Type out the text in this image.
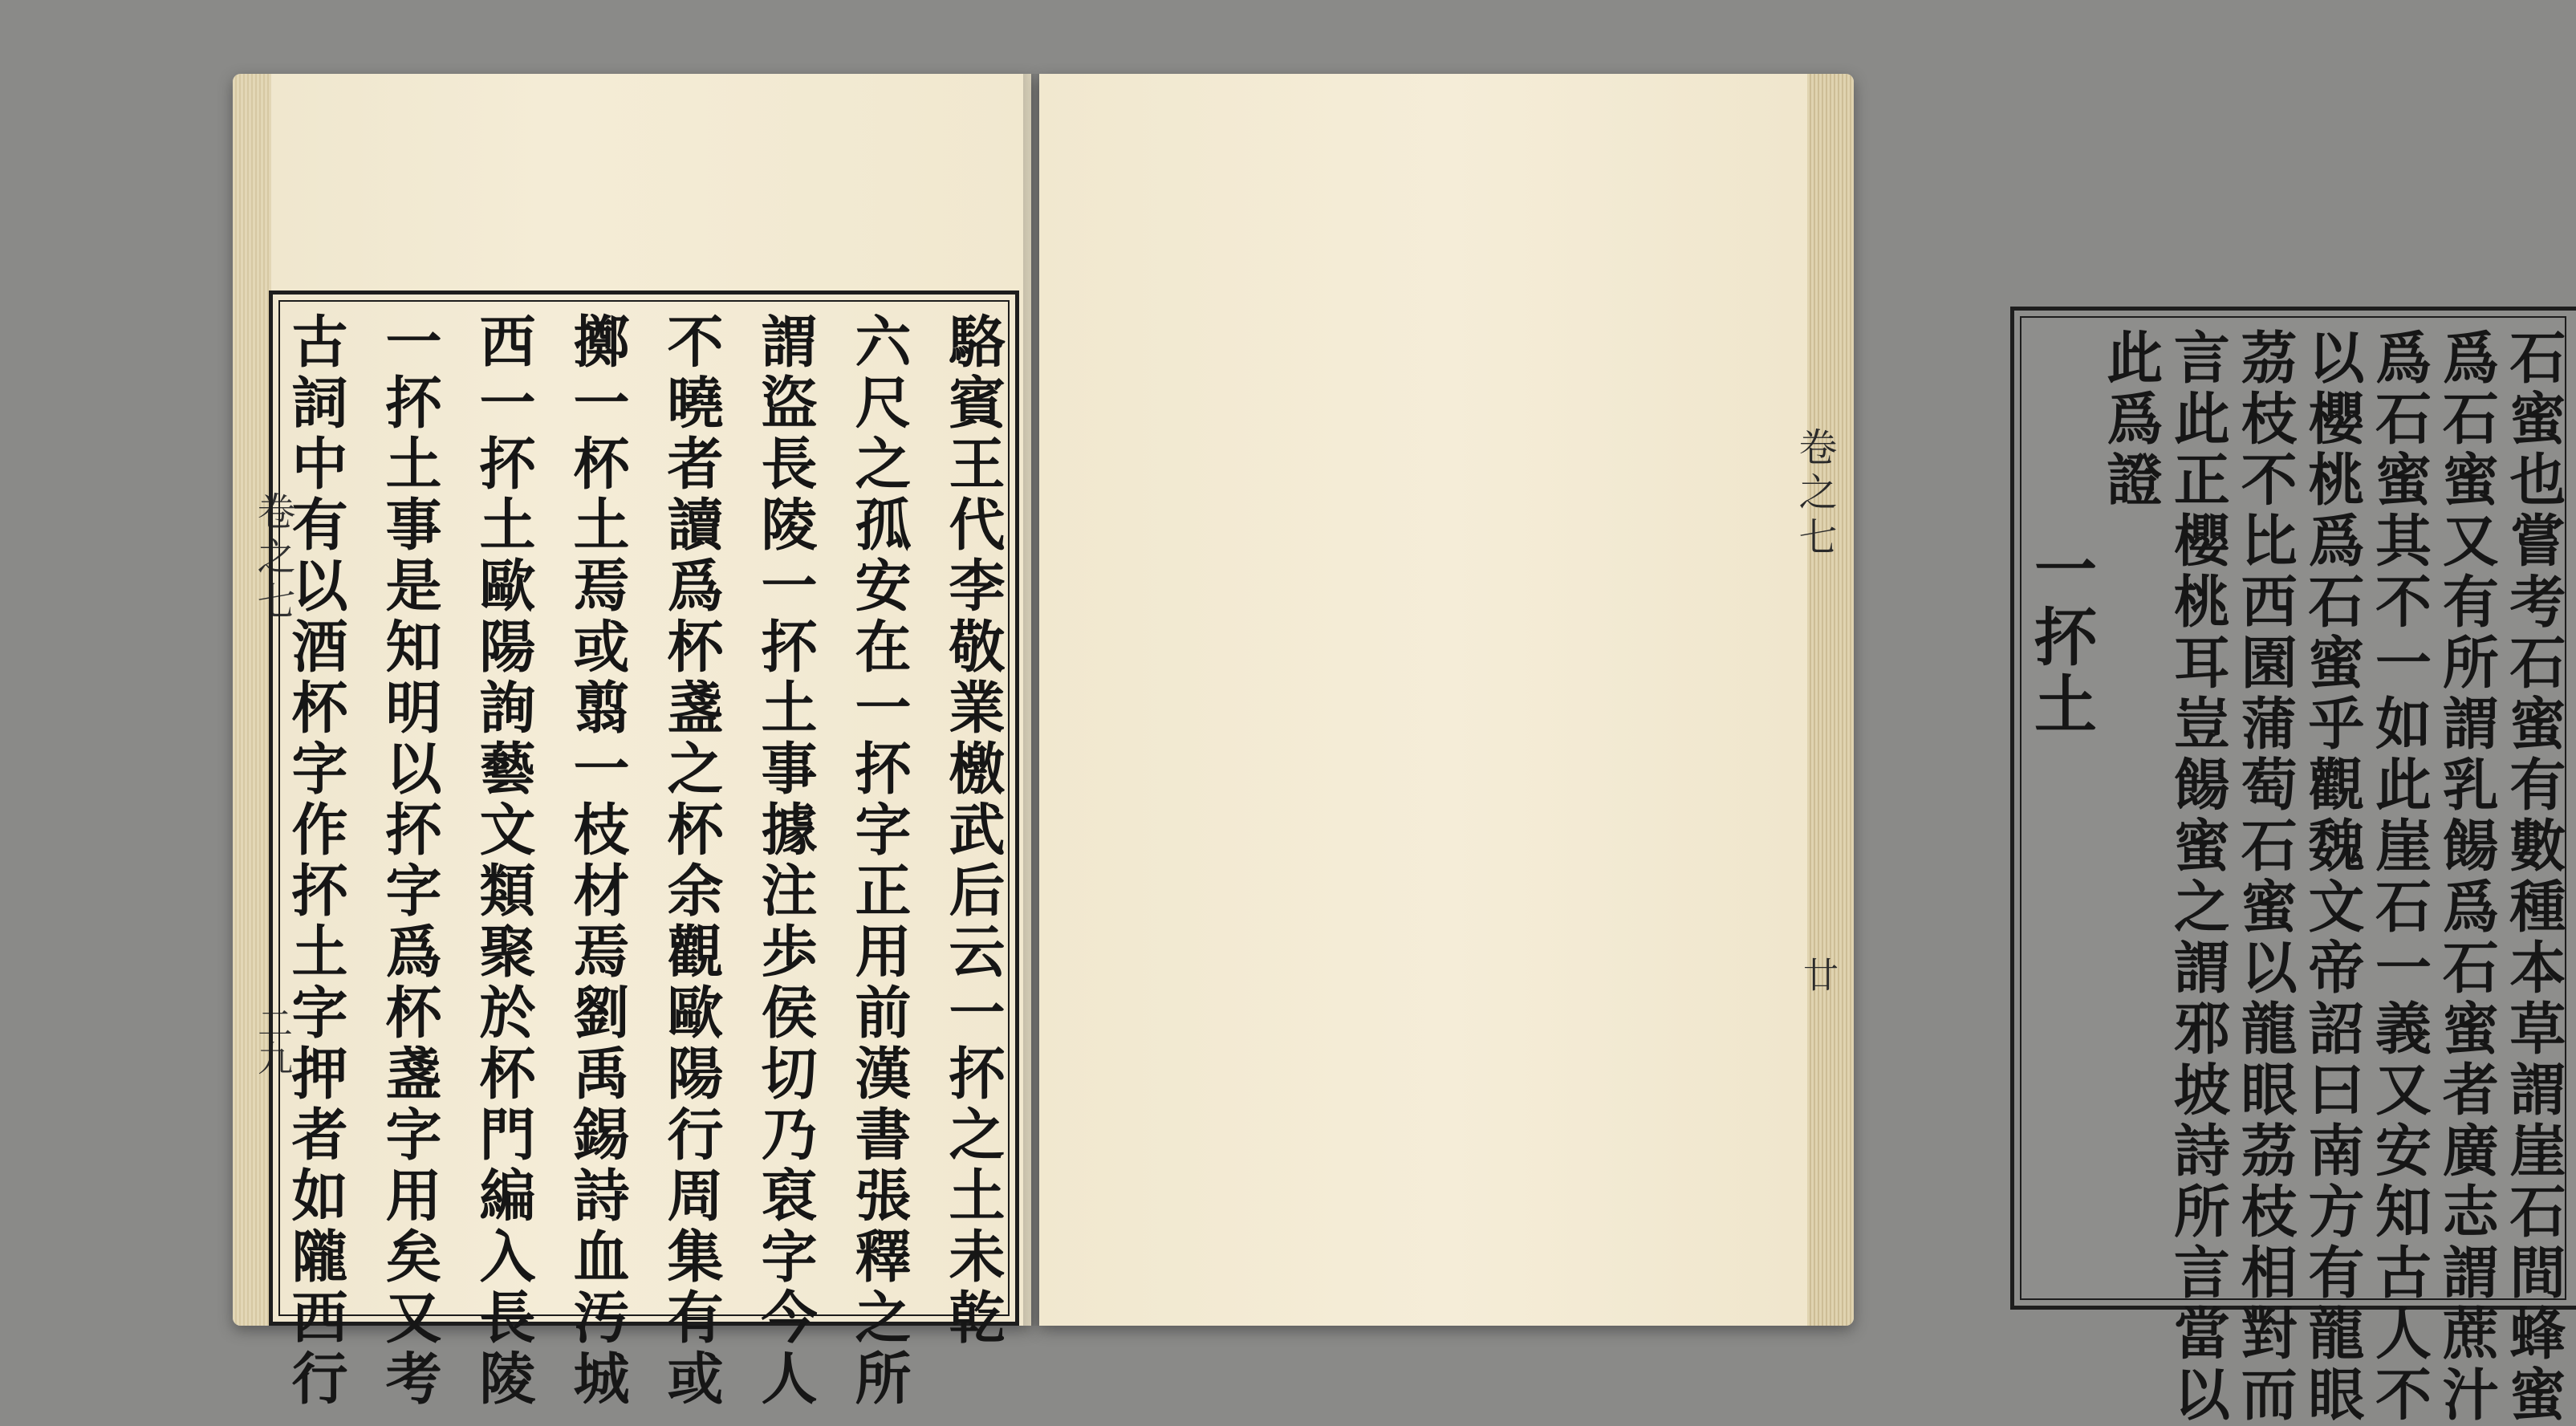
卷之七
二九	駱賓王代李敬業檄武后云一抔之土未乾
六尺之孤安在一抔字正用前漢書張釋之所
謂盜長陵一抔土事據注歩侯切乃裒字今人
不曉者讀爲杯盞之杯余觀歐陽行周集有或
擲一杯土焉或翦一枝材焉劉禹錫詩血汚城
西一抔土歐陽詢藝文類聚於杯門編入長陵
一抔土事是知明以抔字爲杯盞字用矣又考
古詞中有以酒杯字作抔土字押者如隴西行	卷之七
廿	石蜜也嘗考石蜜有數種本草謂崖石間蜂蜜
爲石蜜又有所謂乳餳爲石蜜者廣志謂蔗汁
爲石蜜其不一如此崖石一義又安知古人不
以櫻桃爲石蜜乎觀魏文帝詔曰南方有龍眼
茘枝不比西園蒲萄石蜜以龍眼茘枝相對而
言此正櫻桃耳豈餳蜜之謂邪坡詩所言當以
此爲證
一抔土
